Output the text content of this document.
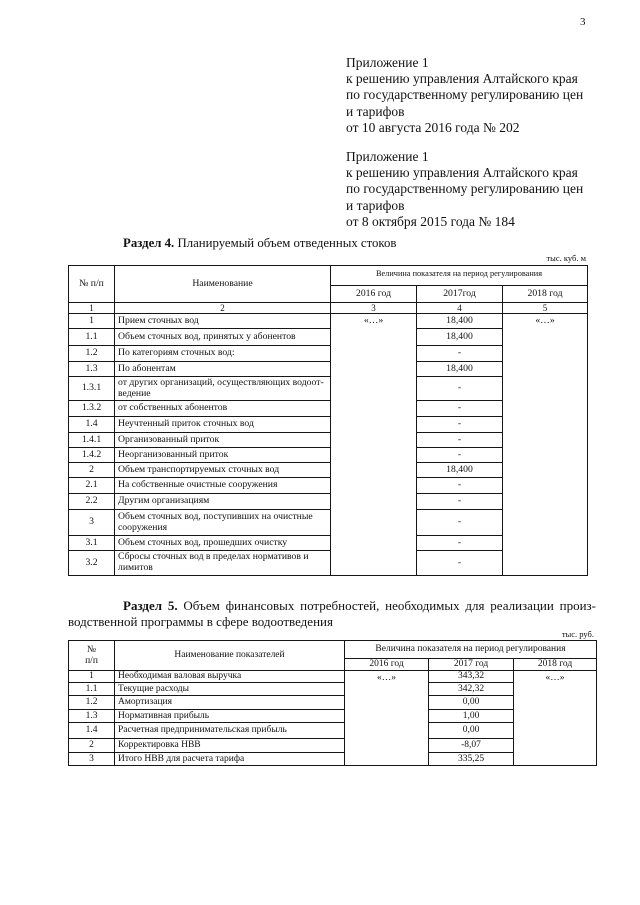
3
Приложение 1
к решению управления Алтайского края
по государственному регулированию цен
и тарифов
от 10 августа 2016 года № 202
Приложение 1
к решению управления Алтайского края
по государственному регулированию цен
и тарифов
от 8 октября 2015 года № 184
Раздел 4. Планируемый объем отведенных стоков
тыс. куб. м
№ п/п	Наименование	Величина показателя на период регулирования		
		2016 год	2017год	2018 год
1	2	3	4	5
1	Прием сточных вод	«…»	18,400	«…»
1.1	Объем сточных вод, принятых у абонентов		18,400	
1.2	По категориям сточных вод:		-	
1.3	По абонентам		18,400	
1.3.1	от других организаций, осуществляющих водоотведение		-	
1.3.2	от собственных абонентов		-	
1.4	Неучтенный приток сточных вод		-	
1.4.1	Организованный приток		-	
1.4.2	Неорганизованный приток		-	
2	Объем транспортируемых сточных вод		18,400	
2.1	На собственные очистные сооружения		-	
2.2	Другим организациям		-	
3	Объем сточных вод, поступивших на очистные сооружения		-	
3.1	Объем сточных вод, прошедших очистку		-	
3.2	Сбросы сточных вод в пределах нормативов и лимитов		-	
Раздел 5. Объем финансовых потребностей, необходимых для реализации производственной программы в сфере водоотведения
тыс. руб.
№
п/п	Наименование показателей	Величина показателя на период регулирования		
		2016 год	2017 год	2018 год
1	Необходимая валовая выручка	«…»	343,32	«…»
1.1	Текущие расходы		342,32	
1.2	Амортизация		0,00	
1.3	Нормативная прибыль		1,00	
1.4	Расчетная предпринимательская прибыль		0,00	
2	Корректировка НВВ		-8,07	
3	Итого НВВ для расчета тарифа		335,25	
